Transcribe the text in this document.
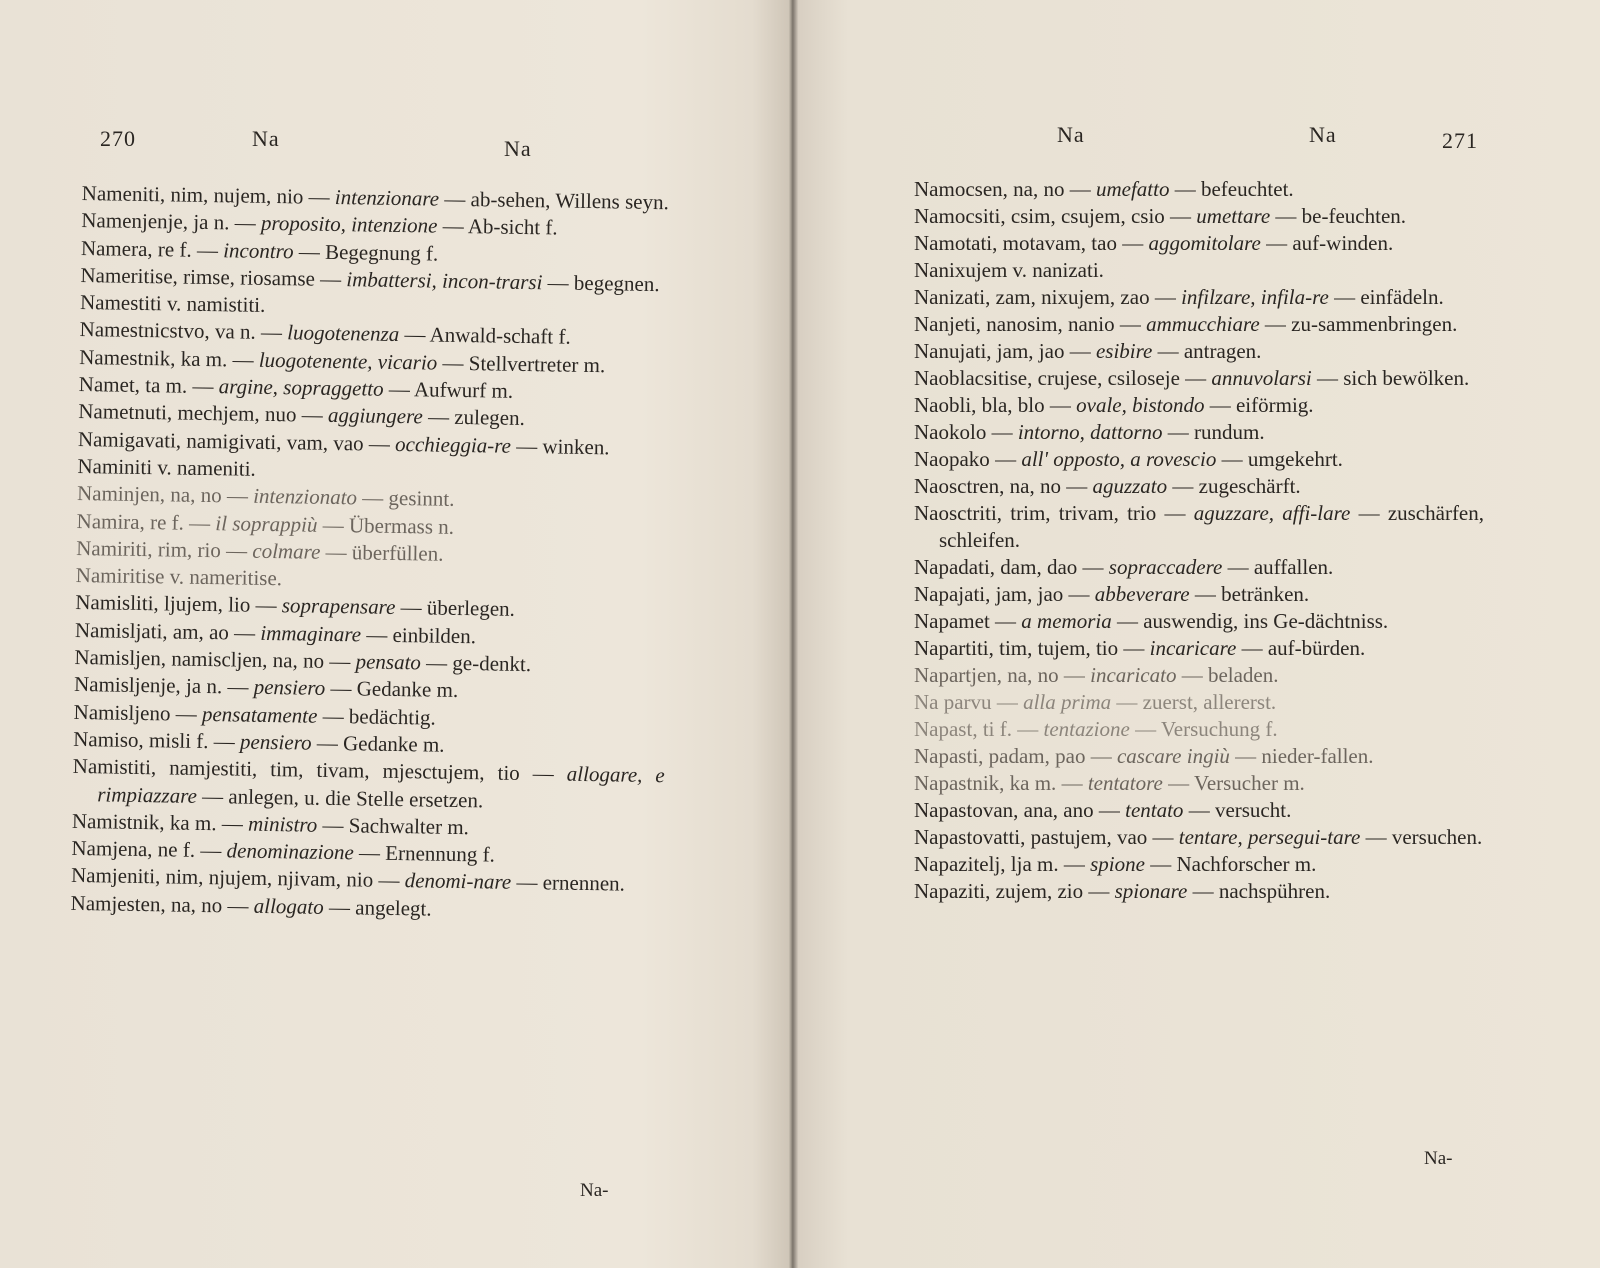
270	Na	Na

Nameniti, nim, nujem, nio — intenzionare — ab-sehen, Willens seyn.

Namenjenje, ja n. — proposito, intenzione — Ab-sicht f.

Namera, re f. — incontro — Begegnung f.

Nameritise, rimse, riosamse — imbattersi, incon-trarsi — begegnen.

Namestiti v. namistiti.

Namestnicstvo, va n. — luogotenenza — Anwald-schaft f.

Namestnik, ka m. — luogotenente, vicario — Stellvertreter m.

Namet, ta m. — argine, sopraggetto — Aufwurf m.

Nametnuti, mechjem, nuo — aggiungere — zulegen.

Namigavati, namigivati, vam, vao — occhieggia-re — winken.

Naminiti v. nameniti.

Naminjen, na, no — intenzionato — gesinnt.

Namira, re f. — il soprappiù — Übermass n.

Namiriti, rim, rio — colmare — überfüllen.

Namiritise v. nameritise.

Namisliti, ljujem, lio — soprapensare — überlegen.

Namisljati, am, ao — immaginare — einbilden.

Namisljen, namiscljen, na, no — pensato — ge-denkt.

Namisljenje, ja n. — pensiero — Gedanke m.

Namisljeno — pensatamente — bedächtig.

Namiso, misli f. — pensiero — Gedanke m.

Namistiti, namjestiti, tim, tivam, mjesctujem, tio — allogare, e rimpiazzare — anlegen, u. die Stelle ersetzen.

Namistnik, ka m. — ministro — Sachwalter m.

Namjena, ne f. — denominazione — Ernennung f.

Namjeniti, nim, njujem, njivam, nio — denomi-nare — ernennen.

Namjesten, na, no — allogato — angelegt.

Na-
Na	Na	271

Namocsen, na, no — umefatto — befeuchtet.

Namocsiti, csim, csujem, csio — umettare — be-feuchten.

Namotati, motavam, tao — aggomitolare — auf-winden.

Nanixujem v. nanizati.

Nanizati, zam, nixujem, zao — infilzare, infila-re — einfädeln.

Nanjeti, nanosim, nanio — ammucchiare — zu-sammenbringen.

Nanujati, jam, jao — esibire — antragen.

Naoblacsitise, crujese, csiloseje — annuvolarsi — sich bewölken.

Naobli, bla, blo — ovale, bistondo — eiförmig.

Naokolo — intorno, dattorno — rundum.

Naopako — all' opposto, a rovescio — umgekehrt.

Naosctren, na, no — aguzzato — zugeschärft.

Naosctriti, trim, trivam, trio — aguzzare, affi-lare — zuschärfen, schleifen.

Napadati, dam, dao — sopraccadere — auffallen.

Napajati, jam, jao — abbeverare — betränken.

Napamet — a memoria — auswendig, ins Ge-dächtniss.

Napartiti, tim, tujem, tio — incaricare — auf-bürden.

Napartjen, na, no — incaricato — beladen.

Na parvu — alla prima — zuerst, allererst.

Napast, ti f. — tentazione — Versuchung f.

Napasti, padam, pao — cascare ingiù — nieder-fallen.

Napastnik, ka m. — tentatore — Versucher m.

Napastovan, ana, ano — tentato — versucht.

Napastovatti, pastujem, vao — tentare, persegui-tare — versuchen.

Napazitelj, lja m. — spione — Nachforscher m.

Napaziti, zujem, zio — spionare — nachspühren.

Na-
